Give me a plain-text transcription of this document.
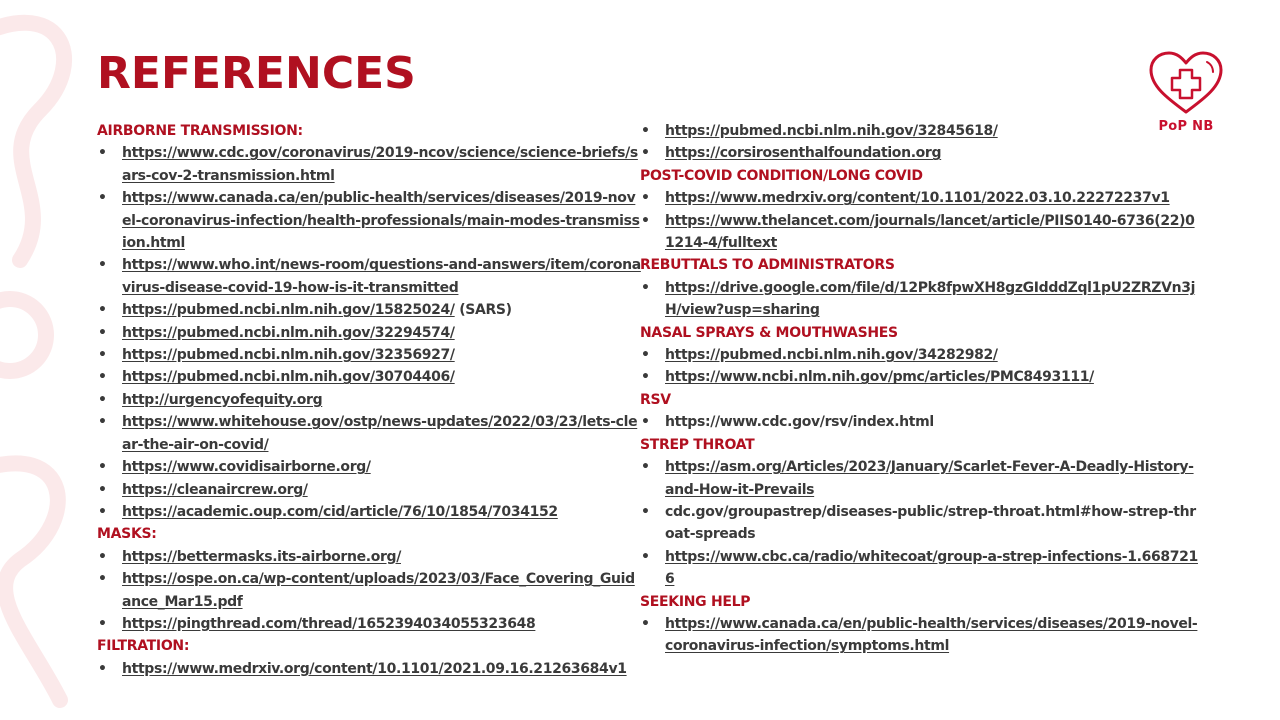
REFERENCES
PoP NB
AIRBORNE TRANSMISSION:
• https://www.cdc.gov/coronavirus/2019-ncov/science/science-briefs/sars-cov-2-transmission.html
• https://www.canada.ca/en/public-health/services/diseases/2019-novel-coronavirus-infection/health-professionals/main-modes-transmission.html
• https://www.who.int/news-room/questions-and-answers/item/coronavirus-disease-covid-19-how-is-it-transmitted
• https://pubmed.ncbi.nlm.nih.gov/15825024/ (SARS)
• https://pubmed.ncbi.nlm.nih.gov/32294574/
• https://pubmed.ncbi.nlm.nih.gov/32356927/
• https://pubmed.ncbi.nlm.nih.gov/30704406/
• http://urgencyofequity.org
• https://www.whitehouse.gov/ostp/news-updates/2022/03/23/lets-clear-the-air-on-covid/
• https://www.covidisairborne.org/
• https://cleanaircrew.org/
• https://academic.oup.com/cid/article/76/10/1854/7034152
MASKS:
• https://bettermasks.its-airborne.org/
• https://ospe.on.ca/wp-content/uploads/2023/03/Face_Covering_Guidance_Mar15.pdf
• https://pingthread.com/thread/1652394034055323648
FILTRATION:
• https://www.medrxiv.org/content/10.1101/2021.09.16.21263684v1
• https://pubmed.ncbi.nlm.nih.gov/32845618/
• https://corsirosenthalfoundation.org
POST-COVID CONDITION/LONG COVID
• https://www.medrxiv.org/content/10.1101/2022.03.10.22272237v1
• https://www.thelancet.com/journals/lancet/article/PIIS0140-6736(22)01214-4/fulltext
REBUTTALS TO ADMINISTRATORS
• https://drive.google.com/file/d/12Pk8fpwXH8gzGIdddZql1pU2ZRZVn3jH/view?usp=sharing
NASAL SPRAYS & MOUTHWASHES
• https://pubmed.ncbi.nlm.nih.gov/34282982/
• https://www.ncbi.nlm.nih.gov/pmc/articles/PMC8493111/
RSV
• https://www.cdc.gov/rsv/index.html
STREP THROAT
• https://asm.org/Articles/2023/January/Scarlet-Fever-A-Deadly-History-and-How-it-Prevails
• cdc.gov/groupastrep/diseases-public/strep-throat.html#how-strep-throat-spreads
• https://www.cbc.ca/radio/whitecoat/group-a-strep-infections-1.6687216
SEEKING HELP
• https://www.canada.ca/en/public-health/services/diseases/2019-novel-coronavirus-infection/symptoms.html
